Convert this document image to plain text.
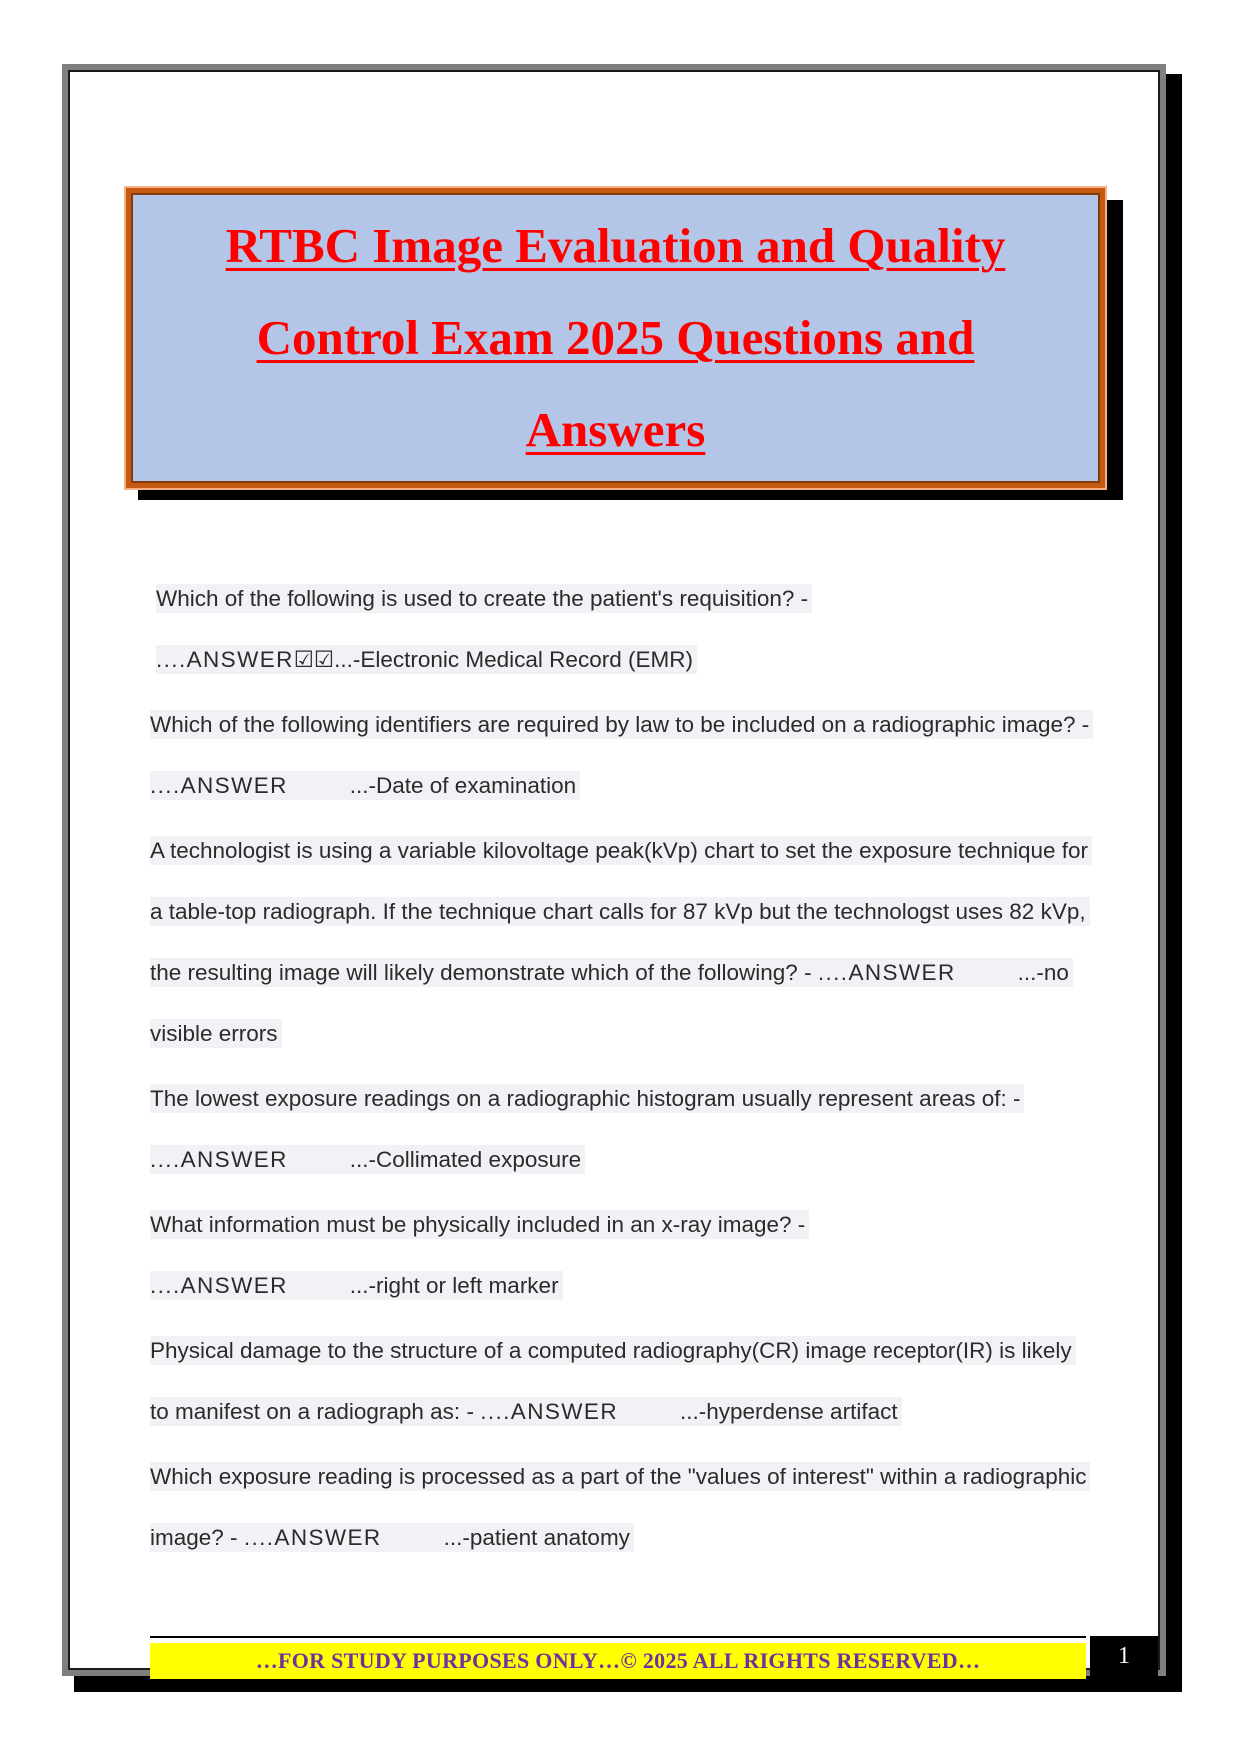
RTBC Image Evaluation and Quality Control Exam 2025 Questions and Answers

Which of the following is used to create the patient's requisition? -
....ANSWER☑☑...-Electronic Medical Record (EMR)

Which of the following identifiers are required by law to be included on a radiographic image? - ....ANSWER	...-Date of examination

A technologist is using a variable kilovoltage peak(kVp) chart to set the exposure technique for a table-top radiograph. If the technique chart calls for 87 kVp but the technologst uses 82 kVp, the resulting image will likely demonstrate which of the following? - ....ANSWER	...-no visible errors

The lowest exposure readings on a radiographic histogram usually represent areas of: - ....ANSWER	...-Collimated exposure

What information must be physically included in an x-ray image? -
....ANSWER	...-right or left marker

Physical damage to the structure of a computed radiography(CR) image receptor(IR) is likely to manifest on a radiograph as: - ....ANSWER	...-hyperdense artifact

Which exposure reading is processed as a part of the "values of interest" within a radiographic image? - ....ANSWER	...-patient anatomy

…FOR STUDY PURPOSES ONLY…© 2025 ALL RIGHTS RESERVED…	1
